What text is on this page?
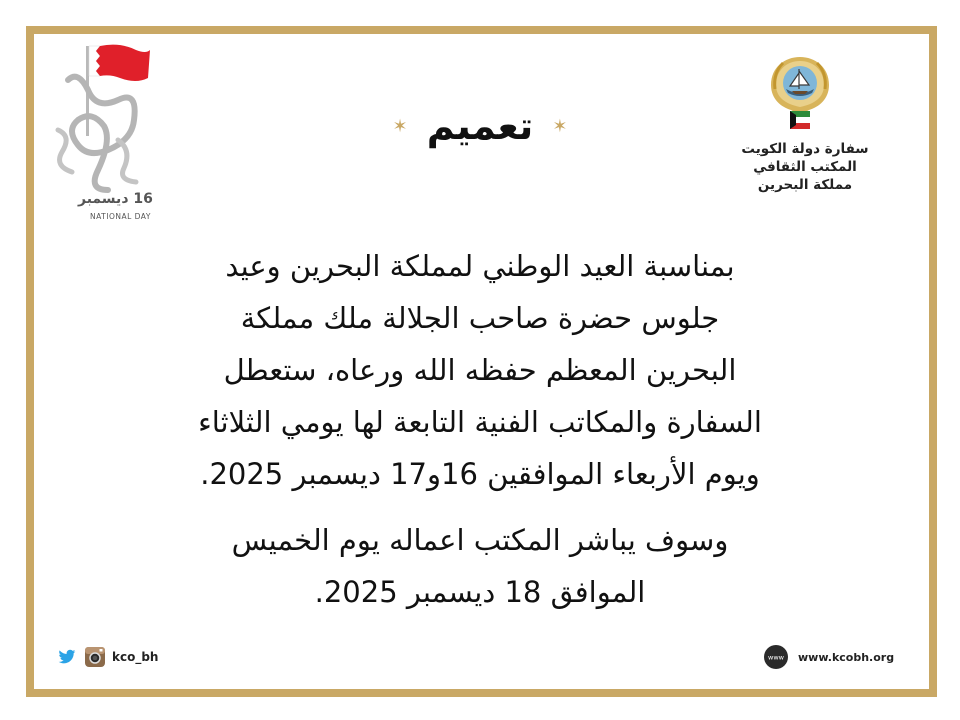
سفارة دولة الكويت
المكتب الثقافي
مملكة البحرين
16 ديسمبر
NATIONAL DAY
✶ تعميم ✶
بمناسبة العيد الوطني لمملكة البحرين وعيد
جلوس حضرة صاحب الجلالة ملك مملكة
البحرين المعظم حفظه الله ورعاه، ستعطل
السفارة والمكاتب الفنية التابعة لها يومي الثلاثاء
ويوم الأربعاء الموافقين 16و17 ديسمبر 2025.
وسوف يباشر المكتب اعماله يوم الخميس
الموافق 18 ديسمبر 2025.
kco_bh	www www.kcobh.org
